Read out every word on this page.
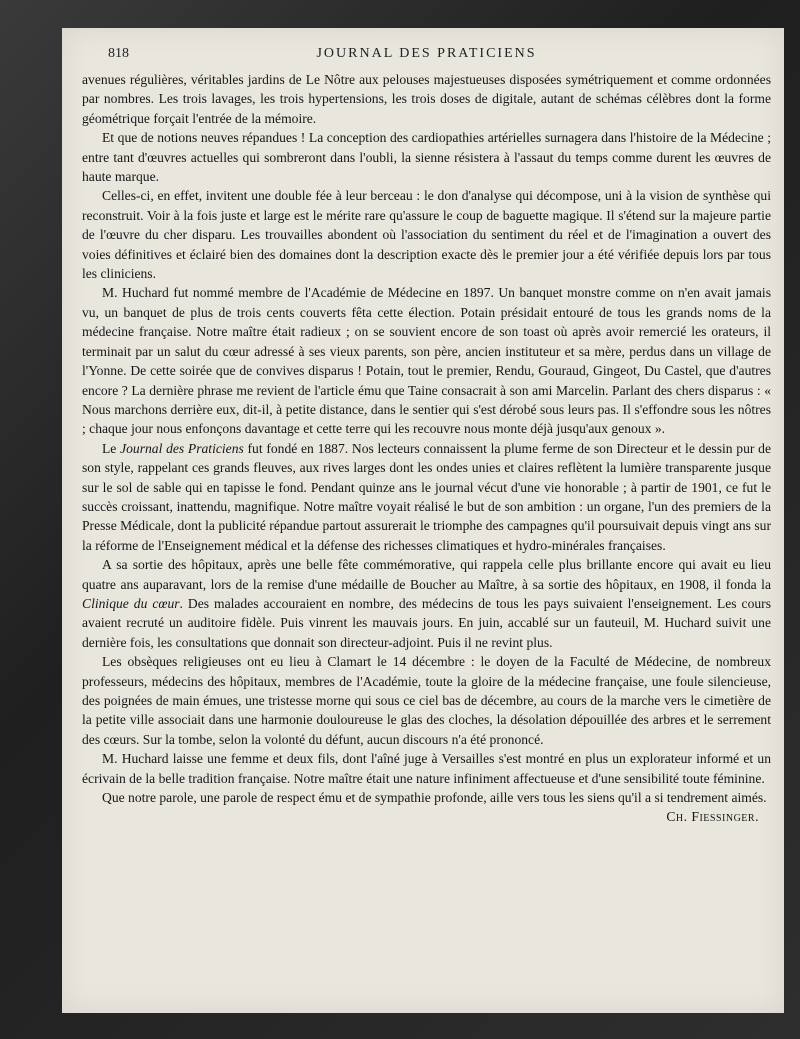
818	JOURNAL DES PRATICIENS

avenues régulières, véritables jardins de Le Nôtre aux pelouses majestueuses disposées symétriquement et comme ordonnées par nombres. Les trois lavages, les trois hypertensions, les trois doses de digitale, autant de schémas célèbres dont la forme géométrique forçait l'entrée de la mémoire.

Et que de notions neuves répandues ! La conception des cardiopathies artérielles surnagera dans l'histoire de la Médecine ; entre tant d'œuvres actuelles qui sombreront dans l'oubli, la sienne résistera à l'assaut du temps comme durent les œuvres de haute marque.

Celles-ci, en effet, invitent une double fée à leur berceau : le don d'analyse qui décompose, uni à la vision de synthèse qui reconstruit. Voir à la fois juste et large est le mérite rare qu'assure le coup de baguette magique. Il s'étend sur la majeure partie de l'œuvre du cher disparu. Les trouvailles abondent où l'association du sentiment du réel et de l'imagination a ouvert des voies définitives et éclairé bien des domaines dont la description exacte dès le premier jour a été vérifiée depuis lors par tous les cliniciens.

M. Huchard fut nommé membre de l'Académie de Médecine en 1897. Un banquet monstre comme on n'en avait jamais vu, un banquet de plus de trois cents couverts fêta cette élection. Potain présidait entouré de tous les grands noms de la médecine française. Notre maître était radieux ; on se souvient encore de son toast où après avoir remercié les orateurs, il terminait par un salut du cœur adressé à ses vieux parents, son père, ancien instituteur et sa mère, perdus dans un village de l'Yonne. De cette soirée que de convives disparus ! Potain, tout le premier, Rendu, Gouraud, Gingeot, Du Castel, que d'autres encore ? La dernière phrase me revient de l'article ému que Taine consacrait à son ami Marcelin. Parlant des chers disparus : « Nous marchons derrière eux, dit-il, à petite distance, dans le sentier qui s'est dérobé sous leurs pas. Il s'effondre sous les nôtres ; chaque jour nous enfonçons davantage et cette terre qui les recouvre nous monte déjà jusqu'aux genoux ».

Le Journal des Praticiens fut fondé en 1887. Nos lecteurs connaissent la plume ferme de son Directeur et le dessin pur de son style, rappelant ces grands fleuves, aux rives larges dont les ondes unies et claires reflètent la lumière transparente jusque sur le sol de sable qui en tapisse le fond. Pendant quinze ans le journal vécut d'une vie honorable ; à partir de 1901, ce fut le succès croissant, inattendu, magnifique. Notre maître voyait réalisé le but de son ambition : un organe, l'un des premiers de la Presse Médicale, dont la publicité répandue partout assurerait le triomphe des campagnes qu'il poursuivait depuis vingt ans sur la réforme de l'Enseignement médical et la défense des richesses climatiques et hydro-minérales françaises.

A sa sortie des hôpitaux, après une belle fête commémorative, qui rappela celle plus brillante encore qui avait eu lieu quatre ans auparavant, lors de la remise d'une médaille de Boucher au Maître, à sa sortie des hôpitaux, en 1908, il fonda la Clinique du cœur. Des malades accouraient en nombre, des médecins de tous les pays suivaient l'enseignement. Les cours avaient recruté un auditoire fidèle. Puis vinrent les mauvais jours. En juin, accablé sur un fauteuil, M. Huchard suivit une dernière fois, les consultations que donnait son directeur-adjoint. Puis il ne revint plus.

Les obsèques religieuses ont eu lieu à Clamart le 14 décembre : le doyen de la Faculté de Médecine, de nombreux professeurs, médecins des hôpitaux, membres de l'Académie, toute la gloire de la médecine française, une foule silencieuse, des poignées de main émues, une tristesse morne qui sous ce ciel bas de décembre, au cours de la marche vers le cimetière de la petite ville associait dans une harmonie douloureuse le glas des cloches, la désolation dépouillée des arbres et le serrement des cœurs. Sur la tombe, selon la volonté du défunt, aucun discours n'a été prononcé.

M. Huchard laisse une femme et deux fils, dont l'aîné juge à Versailles s'est montré en plus un explorateur informé et un écrivain de la belle tradition française. Notre maître était une nature infiniment affectueuse et d'une sensibilité toute féminine.

Que notre parole, une parole de respect ému et de sympathie profonde, aille vers tous les siens qu'il a si tendrement aimés.
Ch. Fiessinger.
